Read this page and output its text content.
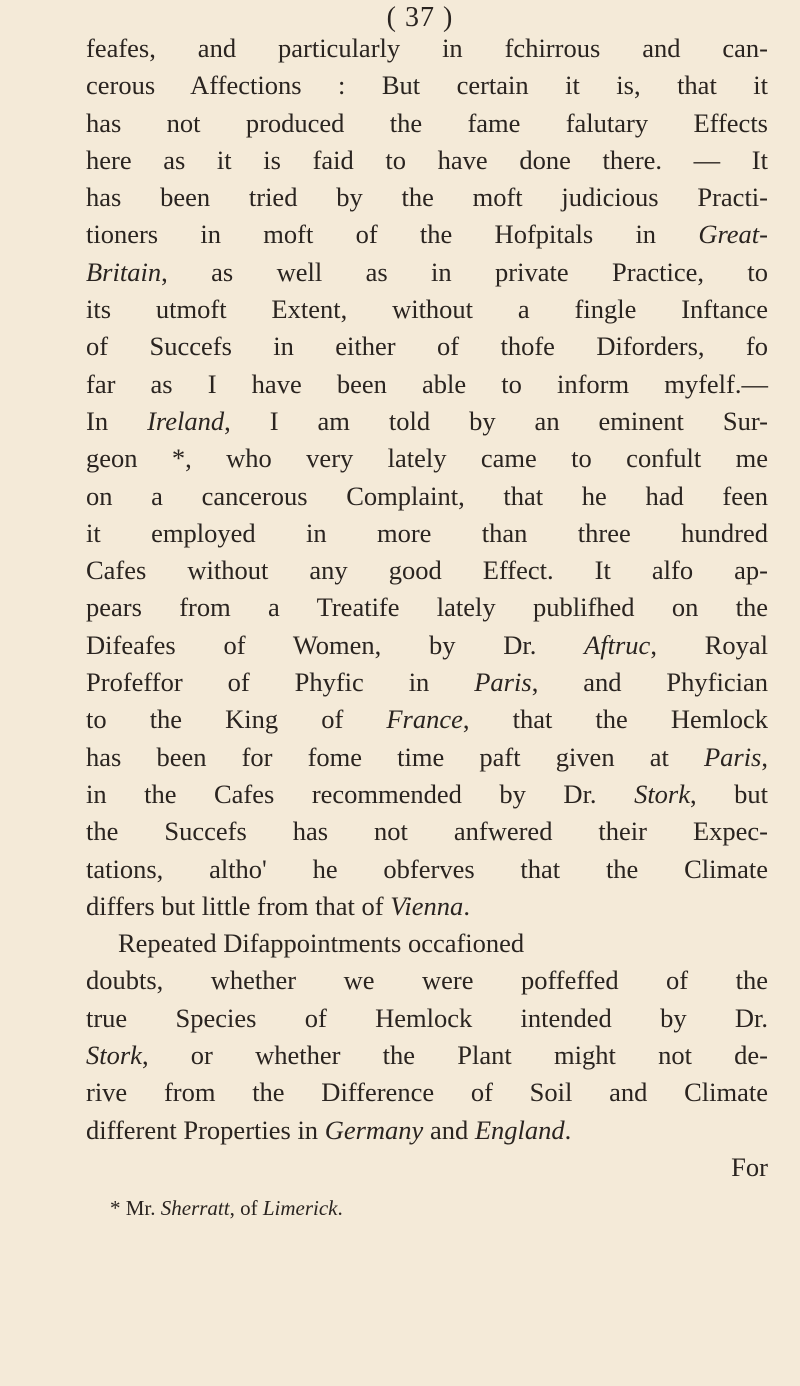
( 37 )
feafes, and particularly in fchirrous and can-
cerous Affections : But certain it is, that it
has not produced the fame falutary Effects
here as it is faid to have done there. — It
has been tried by the moft judicious Practi-
tioners in moft of the Hofpitals in Great-
Britain, as well as in private Practice, to
its utmoft Extent, without a fingle Inftance
of Succefs in either of thofe Diforders, fo
far as I have been able to inform myfelf.—
In Ireland, I am told by an eminent Sur-
geon *, who very lately came to confult me
on a cancerous Complaint, that he had feen
it employed in more than three hundred
Cafes without any good Effect. It alfo ap-
pears from a Treatife lately publifhed on the
Difeafes of Women, by Dr. Aftruc, Royal
Profeffor of Phyfic in Paris, and Phyfician
to the King of France, that the Hemlock
has been for fome time paft given at Paris,
in the Cafes recommended by Dr. Stork, but
the Succefs has not anfwered their Expec-
tations, altho' he obferves that the Climate
differs but little from that of Vienna.
Repeated Difappointments occafioned
doubts, whether we were poffeffed of the
true Species of Hemlock intended by Dr.
Stork, or whether the Plant might not de-
rive from the Difference of Soil and Climate
different Properties in Germany and England.
For
* Mr. Sherratt, of Limerick.
